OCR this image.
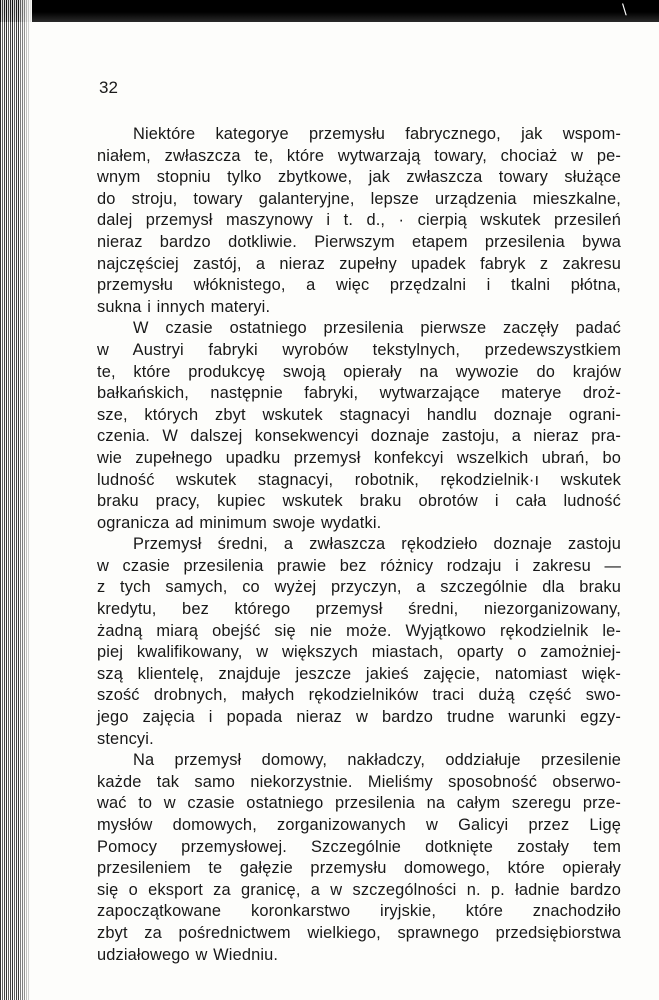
\
32
Niektóre kategorye przemysłu fabrycznego, jak wspom-
niałem, zwłaszcza te, które wytwarzają towary, chociaż w pe-
wnym stopniu tylko zbytkowe, jak zwłaszcza towary służące
do stroju, towary galanteryjne, lepsze urządzenia mieszkalne,
dalej przemysł maszynowy i t. d., · cierpią wskutek przesileń
nieraz bardzo dotkliwie. Pierwszym etapem przesilenia bywa
najczęściej zastój, a nieraz zupełny upadek fabryk z zakresu
przemysłu włóknistego, a więc przędzalni i tkalni płótna,
sukna i innych materyi.
W czasie ostatniego przesilenia pierwsze zaczęły padać
w Austryi fabryki wyrobów tekstylnych, przedewszystkiem
te, które produkcyę swoją opierały na wywozie do krajów
bałkańskich, następnie fabryki, wytwarzające materye droż-
sze, których zbyt wskutek stagnacyi handlu doznaje ograni-
czenia. W dalszej konsekwencyi doznaje zastoju, a nieraz pra-
wie zupełnego upadku przemysł konfekcyi wszelkich ubrań, bo
ludność wskutek stagnacyi, robotnik, rękodzielnik·ı wskutek
braku pracy, kupiec wskutek braku obrotów i cała ludność
ogranicza ad minimum swoje wydatki.
Przemysł średni, a zwłaszcza rękodzieło doznaje zastoju
w czasie przesilenia prawie bez różnicy rodzaju i zakresu —
z tych samych, co wyżej przyczyn, a szczególnie dla braku
kredytu, bez którego przemysł średni, niezorganizowany,
żadną miarą obejść się nie może. Wyjątkowo rękodzielnik le-
piej kwalifikowany, w większych miastach, oparty o zamożniej-
szą klientelę, znajduje jeszcze jakieś zajęcie, natomiast więk-
szość drobnych, małych rękodzielników traci dużą część swo-
jego zajęcia i popada nieraz w bardzo trudne warunki egzy-
stencyi.
Na przemysł domowy, nakładczy, oddziałuje przesilenie
każde tak samo niekorzystnie. Mieliśmy sposobność obserwo-
wać to w czasie ostatniego przesilenia na całym szeregu prze-
mysłów domowych, zorganizowanych w Galicyi przez Ligę
Pomocy przemysłowej. Szczególnie dotknięte zostały tem
przesileniem te gałęzie przemysłu domowego, które opierały
się o eksport za granicę, a w szczególności n. p. ładnie bardzo
zapoczątkowane koronkarstwo iryjskie, które znachodziło
zbyt za pośrednictwem wielkiego, sprawnego przedsiębiorstwa
udziałowego w Wiedniu.
